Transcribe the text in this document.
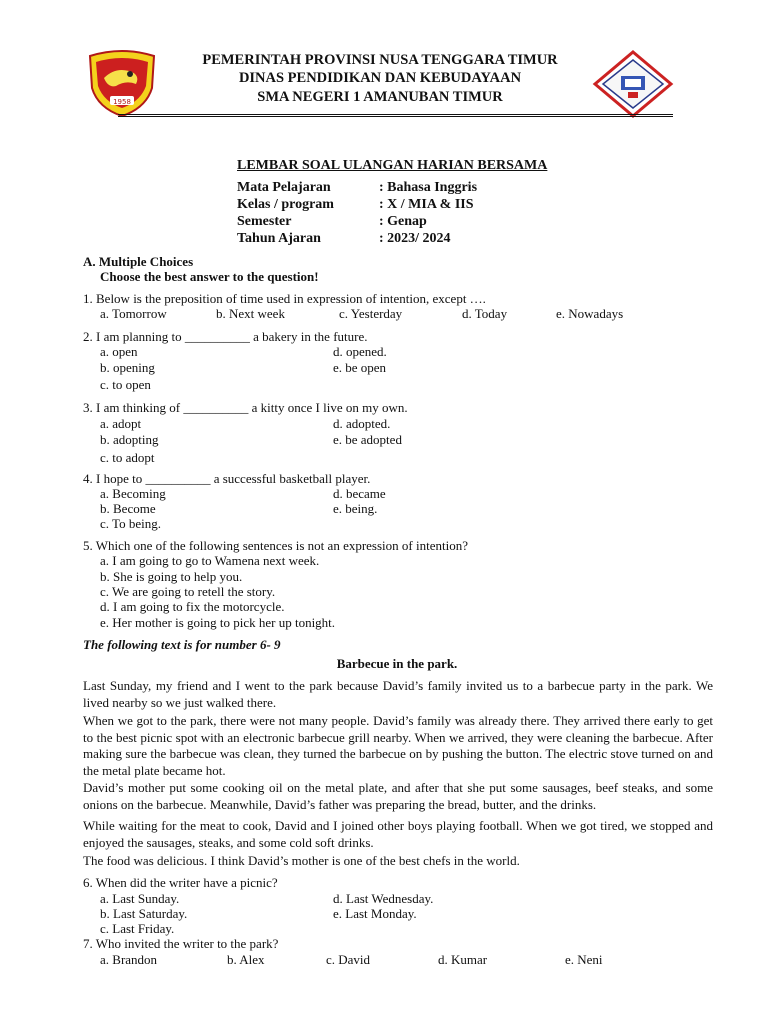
1958
PEMERINTAH PROVINSI NUSA TENGGARA TIMUR
DINAS PENDIDIKAN DAN KEBUDAYAAN
SMA NEGERI 1 AMANUBAN TIMUR
LEMBAR SOAL ULANGAN HARIAN BERSAMA
Mata Pelajaran	: Bahasa Inggris
Kelas / program	: X / MIA & IIS
Semester	: Genap
Tahun Ajaran	: 2023/ 2024
A. Multiple Choices
Choose the best answer to the question!
1. Below is the preposition of time used in expression of intention, except ….
a. Tomorrow	b. Next week	c. Yesterday	d. Today	e. Nowadays
2. I am planning to __________ a bakery in the future.
a. open	d. opened.
b. opening	e. be open
c. to open
3. I am thinking of __________ a kitty once I live on my own.
a. adopt	d. adopted.
b. adopting	e. be adopted
c. to adopt
4. I hope to __________ a successful basketball player.
a. Becoming	d. became
b. Become	e. being.
c. To being.
5. Which one of the following sentences is not an expression of intention?
a. I am going to go to Wamena next week.
b. She is going to help you.
c. We are going to retell the story.
d. I am going to fix the motorcycle.
e. Her mother is going to pick her up tonight.
The following text is for number 6- 9
Barbecue in the park.
Last Sunday, my friend and I went to the park because David’s family invited us to a barbecue party in the park. We lived nearby so we just walked there.
When we got to the park, there were not many people. David’s family was already there. They arrived there early to get to the best picnic spot with an electronic barbecue grill nearby. When we arrived, they were cleaning the barbecue. After making sure the barbecue was clean, they turned the barbecue on by pushing the button. The electric stove turned on and the metal plate became hot.
David’s mother put some cooking oil on the metal plate, and after that she put some sausages, beef steaks, and some onions on the barbecue. Meanwhile, David’s father was preparing the bread, butter, and the drinks.
While waiting for the meat to cook, David and I joined other boys playing football. When we got tired, we stopped and enjoyed the sausages, steaks, and some cold soft drinks.
The food was delicious. I think David’s mother is one of the best chefs in the world.
6. When did the writer have a picnic?
a. Last Sunday.	d. Last Wednesday.
b. Last Saturday.	e. Last Monday.
c. Last Friday.
7. Who invited the writer to the park?
a. Brandon	b. Alex	c. David	d. Kumar	e. Neni
